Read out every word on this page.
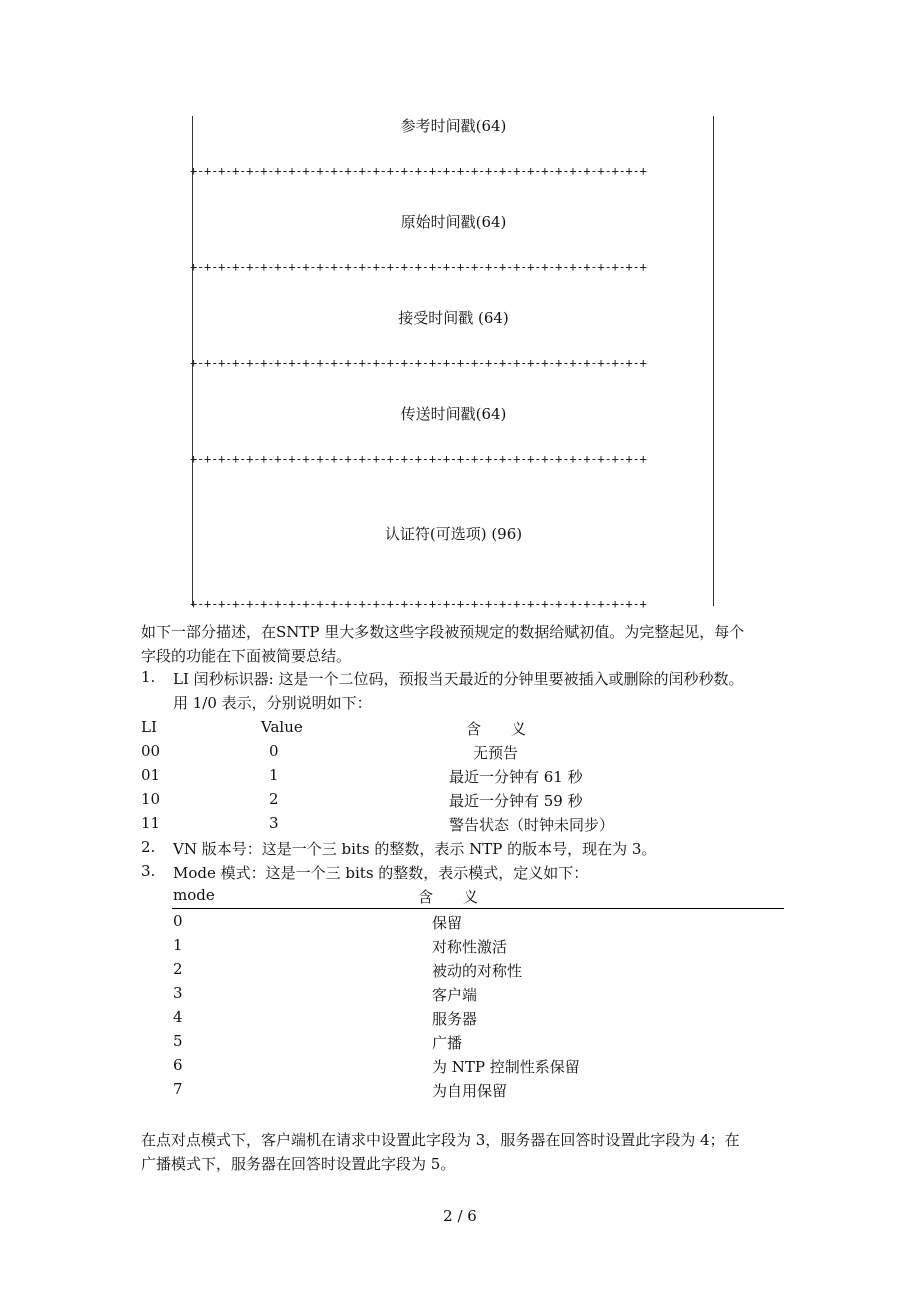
参考时间戳(64)
+-+-+-+-+-+-+-+-+-+-+-+-+-+-+-+-+-+-+-+-+-+-+-+-+-+-+-+-+-+-+-+-+
原始时间戳(64)
+-+-+-+-+-+-+-+-+-+-+-+-+-+-+-+-+-+-+-+-+-+-+-+-+-+-+-+-+-+-+-+-+
接受时间戳 (64)
+-+-+-+-+-+-+-+-+-+-+-+-+-+-+-+-+-+-+-+-+-+-+-+-+-+-+-+-+-+-+-+-+
传送时间戳(64)
+-+-+-+-+-+-+-+-+-+-+-+-+-+-+-+-+-+-+-+-+-+-+-+-+-+-+-+-+-+-+-+-+
认证符(可选项) (96)
+-+-+-+-+-+-+-+-+-+-+-+-+-+-+-+-+-+-+-+-+-+-+-+-+-+-+-+-+-+-+-+-+
如下一部分描述，在SNTP 里大多数这些字段被预规定的数据给赋初值。为完整起见，每个
字段的功能在下面被简要总结。
1. LI 闰秒标识器: 这是一个二位码，预报当天最近的分钟里要被插入或删除的闰秒秒数。
用 1/0 表示，分别说明如下：
LI	Value	含　　义
00	0	无预告
01	1	最近一分钟有 61 秒
10	2	最近一分钟有 59 秒
11	3	警告状态（时钟未同步）
2. VN 版本号：这是一个三 bits 的整数，表示 NTP 的版本号，现在为 3。
3. Mode 模式：这是一个三 bits 的整数，表示模式，定义如下：
mode	含　　义
0	保留
1	对称性激活
2	被动的对称性
3	客户端
4	服务器
5	广播
6	为 NTP 控制性系保留
7	为自用保留
在点对点模式下，客户端机在请求中设置此字段为 3，服务器在回答时设置此字段为 4；在
广播模式下，服务器在回答时设置此字段为 5。
2 / 6
